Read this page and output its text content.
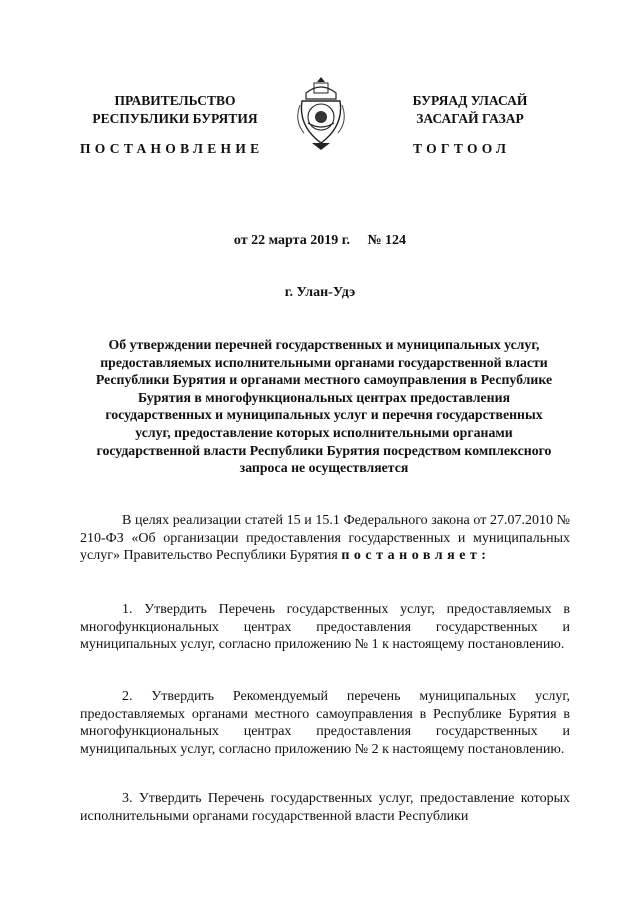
ПРАВИТЕЛЬСТВО
РЕСПУБЛИКИ БУРЯТИЯ
БУРЯАД УЛАСАЙ
ЗАСАГАЙ ГАЗАР
ПОСТАНОВЛЕНИЕ	ТОГТООЛ
от 22 марта 2019 г. № 124
г. Улан-Удэ
Об утверждении перечней государственных и муниципальных услуг, предоставляемых исполнительными органами государственной власти Республики Бурятия и органами местного самоуправления в Республике Бурятия в многофункциональных центрах предоставления государственных и муниципальных услуг и перечня государственных услуг, предоставление которых исполнительными органами государственной власти Республики Бурятия посредством комплексного запроса не осуществляется
В целях реализации статей 15 и 15.1 Федерального закона от 27.07.2010 № 210-ФЗ «Об организации предоставления государственных и муниципальных услуг» Правительство Республики Бурятия постановляет:
1. Утвердить Перечень государственных услуг, предоставляемых в многофункциональных центрах предоставления государственных и муниципальных услуг, согласно приложению № 1 к настоящему постановлению.
2. Утвердить Рекомендуемый перечень муниципальных услуг, предоставляемых органами местного самоуправления в Республике Бурятия в многофункциональных центрах предоставления государственных и муниципальных услуг, согласно приложению № 2 к настоящему постановлению.
3. Утвердить Перечень государственных услуг, предоставление которых исполнительными органами государственной власти Республики
